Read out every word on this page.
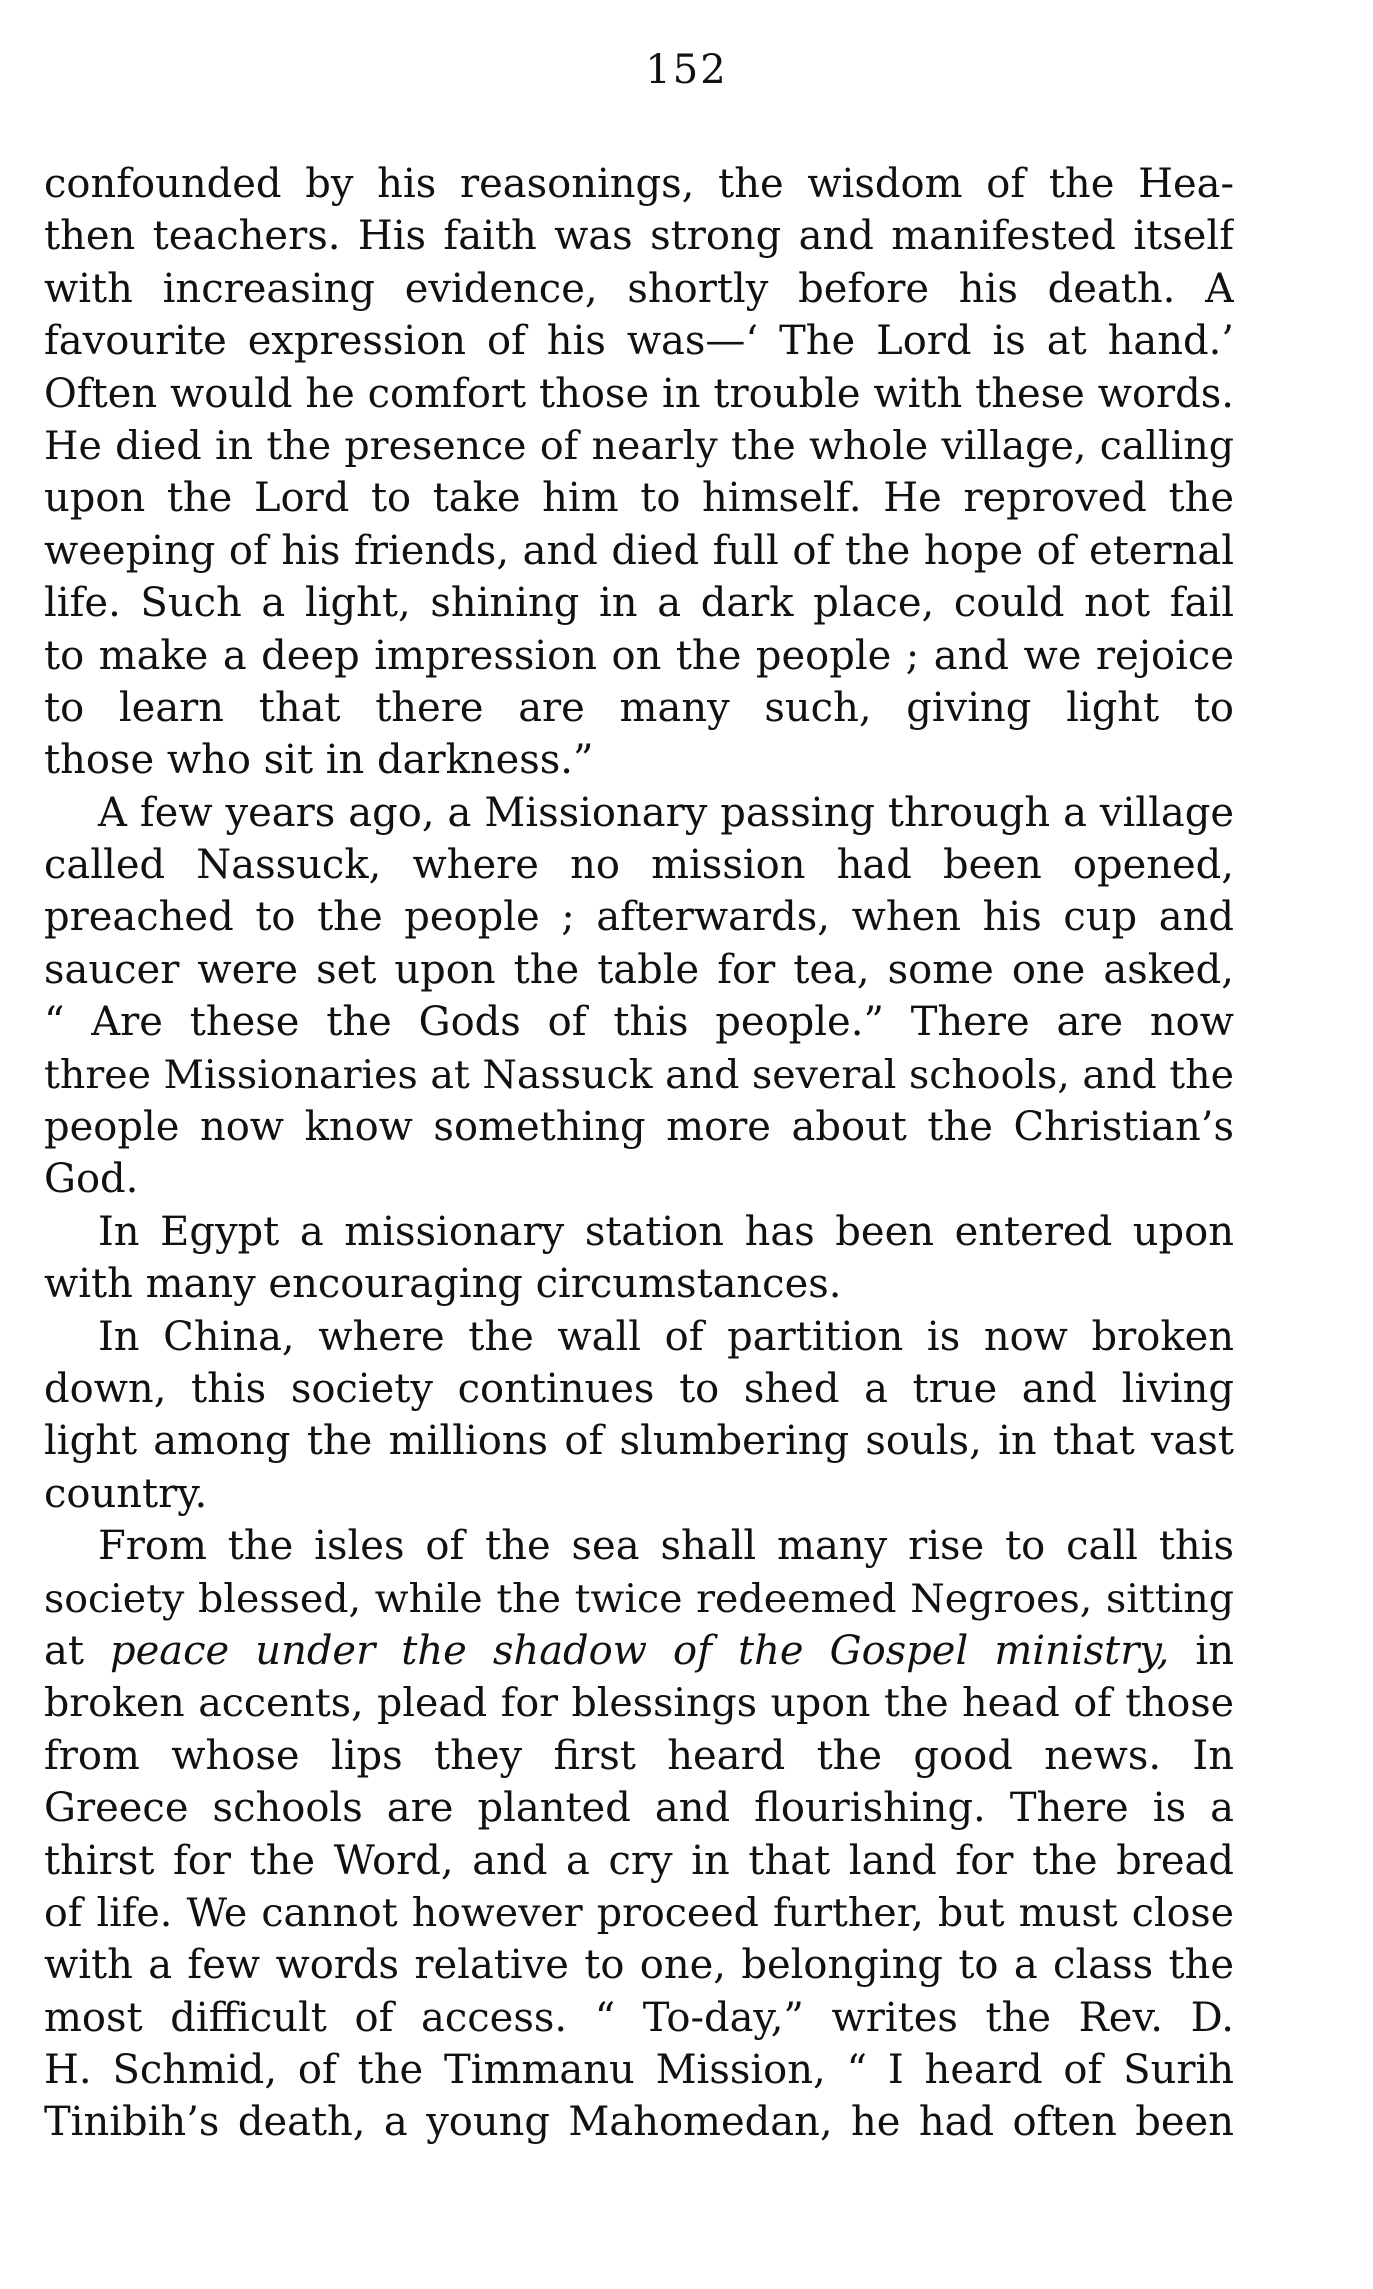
152
confounded by his reasonings, the wisdom of the Hea-
then teachers. His faith was strong and manifested itself
with increasing evidence, shortly before his death. A
favourite expression of his was—‘ The Lord is at hand.’
Often would he comfort those in trouble with these words.
He died in the presence of nearly the whole village, calling
upon the Lord to take him to himself. He reproved the
weeping of his friends, and died full of the hope of eternal
life. Such a light, shining in a dark place, could not fail
to make a deep impression on the people ; and we rejoice
to learn that there are many such, giving light to
those who sit in darkness.”
A few years ago, a Missionary passing through a village
called Nassuck, where no mission had been opened,
preached to the people ; afterwards, when his cup and
saucer were set upon the table for tea, some one asked,
“ Are these the Gods of this people.” There are now
three Missionaries at Nassuck and several schools, and the
people now know something more about the Christian’s
God.
In Egypt a missionary station has been entered upon
with many encouraging circumstances.
In China, where the wall of partition is now broken
down, this society continues to shed a true and living
light among the millions of slumbering souls, in that vast
country.
From the isles of the sea shall many rise to call this
society blessed, while the twice redeemed Negroes, sitting
at peace under the shadow of the Gospel ministry, in
broken accents, plead for blessings upon the head of those
from whose lips they first heard the good news. In
Greece schools are planted and flourishing. There is a
thirst for the Word, and a cry in that land for the bread
of life. We cannot however proceed further, but must close
with a few words relative to one, belonging to a class the
most difficult of access. “ To-day,” writes the Rev. D.
H. Schmid, of the Timmanu Mission, “ I heard of Surih
Tinibih’s death, a young Mahomedan, he had often been
